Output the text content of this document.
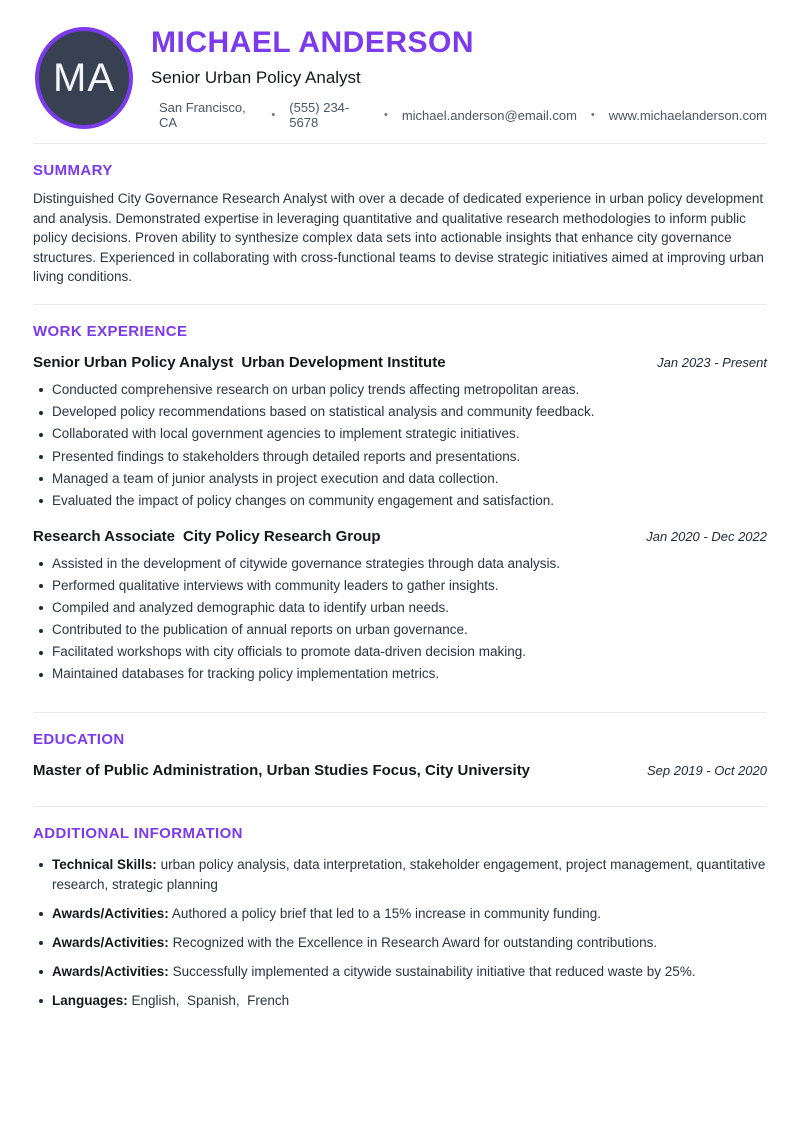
MA
MICHAEL ANDERSON
Senior Urban Policy Analyst
San Francisco, CA	• (555) 234-5678	• michael.anderson@email.com • www.michaelanderson.com
SUMMARY

Distinguished City Governance Research Analyst with over a decade of dedicated experience in urban policy development and analysis. Demonstrated expertise in leveraging quantitative and qualitative research methodologies to inform public policy decisions. Proven ability to synthesize complex data sets into actionable insights that enhance city governance structures. Experienced in collaborating with cross-functional teams to devise strategic initiatives aimed at improving urban living conditions.

WORK EXPERIENCE
Senior Urban Policy Analyst Urban Development Institute	Jan 2023 - Present
Conducted comprehensive research on urban policy trends affecting metropolitan areas.
Developed policy recommendations based on statistical analysis and community feedback.
Collaborated with local government agencies to implement strategic initiatives.
Presented findings to stakeholders through detailed reports and presentations.
Managed a team of junior analysts in project execution and data collection.
Evaluated the impact of policy changes on community engagement and satisfaction.
Research Associate City Policy Research Group	Jan 2020 - Dec 2022
Assisted in the development of citywide governance strategies through data analysis.
Performed qualitative interviews with community leaders to gather insights.
Compiled and analyzed demographic data to identify urban needs.
Contributed to the publication of annual reports on urban governance.
Facilitated workshops with city officials to promote data-driven decision making.
Maintained databases for tracking policy implementation metrics.
EDUCATION
Master of Public Administration, Urban Studies Focus, City University	Sep 2019 - Oct 2020
ADDITIONAL INFORMATION
Technical Skills: urban policy analysis, data interpretation, stakeholder engagement, project management, quantitative research, strategic planning
Awards/Activities: Authored a policy brief that led to a 15% increase in community funding.
Awards/Activities: Recognized with the Excellence in Research Award for outstanding contributions.
Awards/Activities: Successfully implemented a citywide sustainability initiative that reduced waste by 25%.
Languages: English,  Spanish,  French
